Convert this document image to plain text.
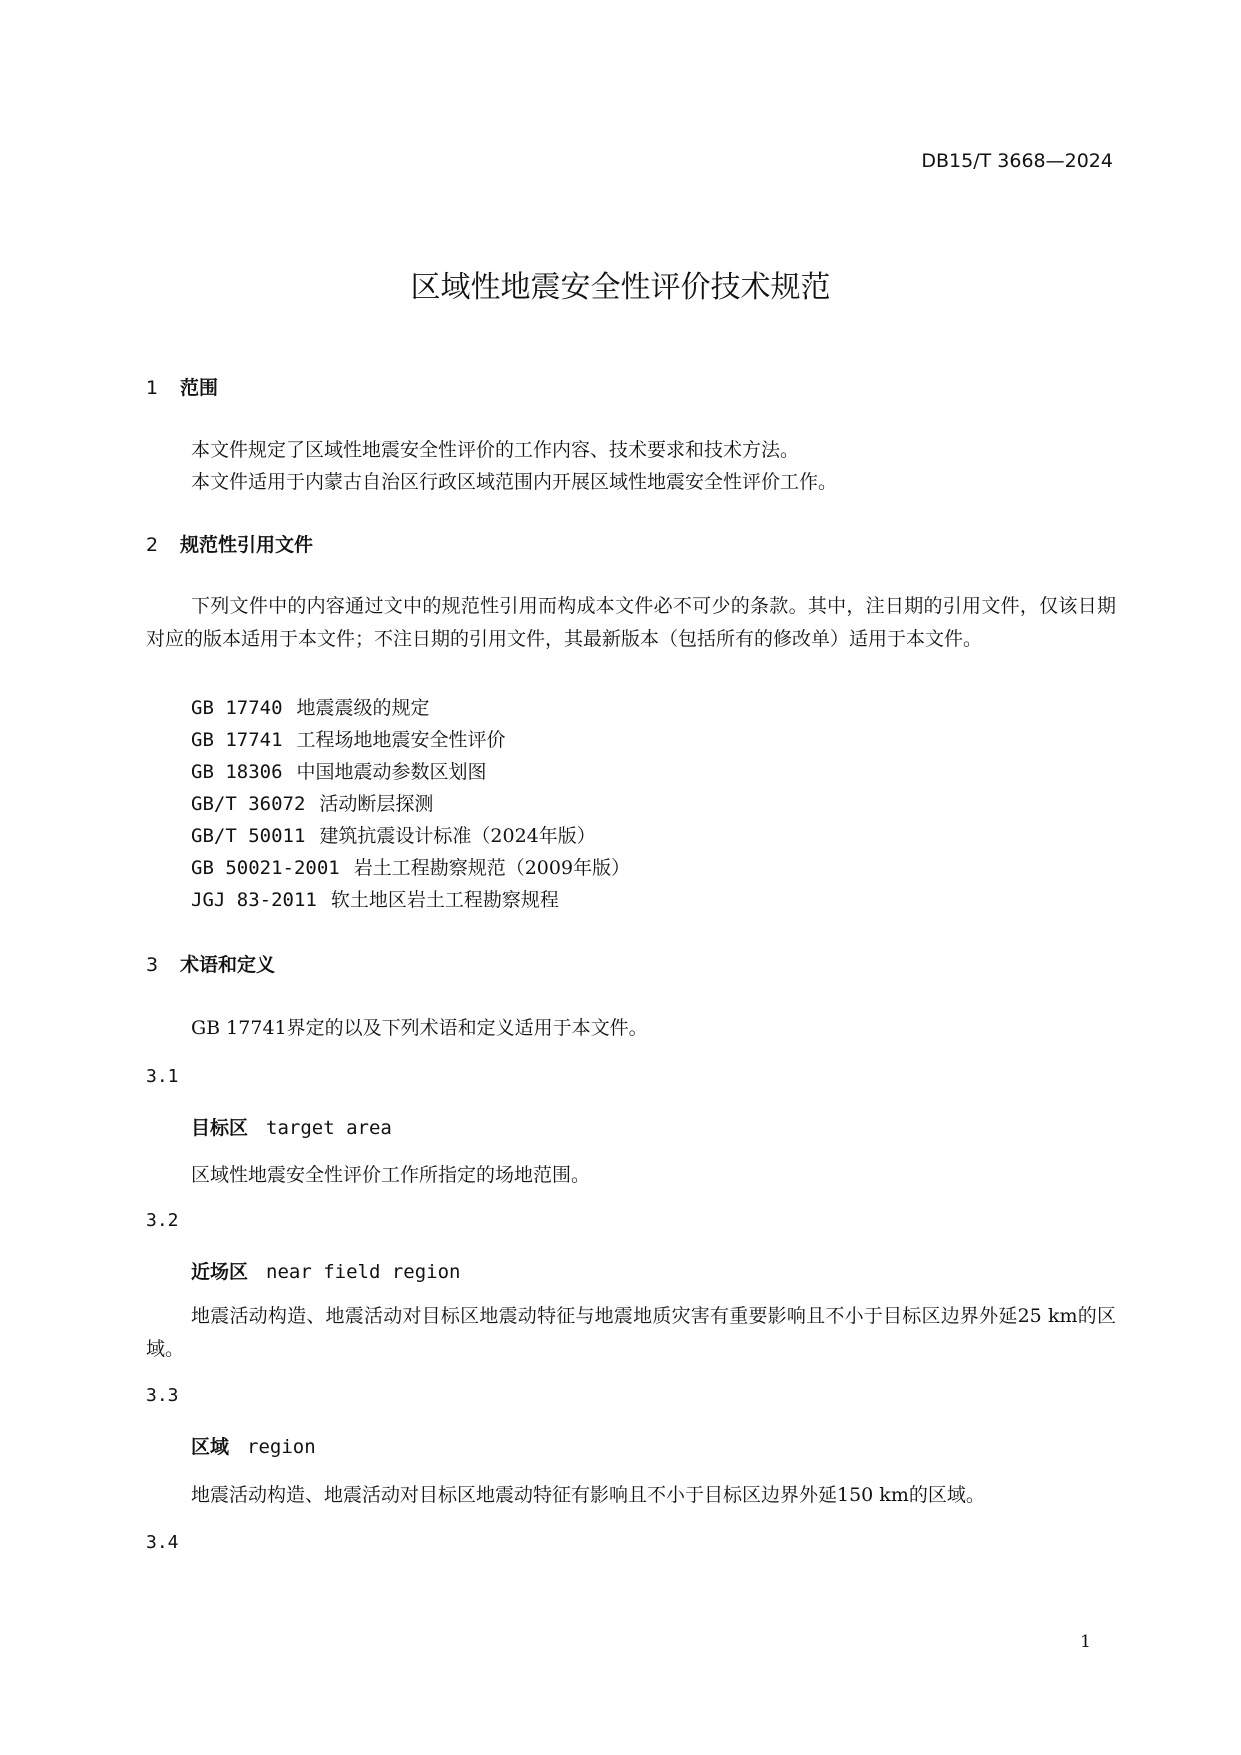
DB15/T 3668—2024
区域性地震安全性评价技术规范
1 范围
本文件规定了区域性地震安全性评价的工作内容、技术要求和技术方法。
本文件适用于内蒙古自治区行政区域范围内开展区域性地震安全性评价工作。
2 规范性引用文件
下列文件中的内容通过文中的规范性引用而构成本文件必不可少的条款。其中，注日期的引用文件，仅该日期对应的版本适用于本文件；不注日期的引用文件，其最新版本（包括所有的修改单）适用于本文件。
GB 17740 地震震级的规定
GB 17741 工程场地地震安全性评价
GB 18306 中国地震动参数区划图
GB/T 36072 活动断层探测
GB/T 50011 建筑抗震设计标准（2024年版）
GB 50021-2001 岩土工程勘察规范（2009年版）
JGJ 83-2011 软土地区岩土工程勘察规程
3 术语和定义
GB 17741界定的以及下列术语和定义适用于本文件。
3.1
目标区 target area
区域性地震安全性评价工作所指定的场地范围。
3.2
近场区 near field region
地震活动构造、地震活动对目标区地震动特征与地震地质灾害有重要影响且不小于目标区边界外延25 km的区域。
3.3
区域 region
地震活动构造、地震活动对目标区地震动特征有影响且不小于目标区边界外延150 km的区域。
3.4
1
